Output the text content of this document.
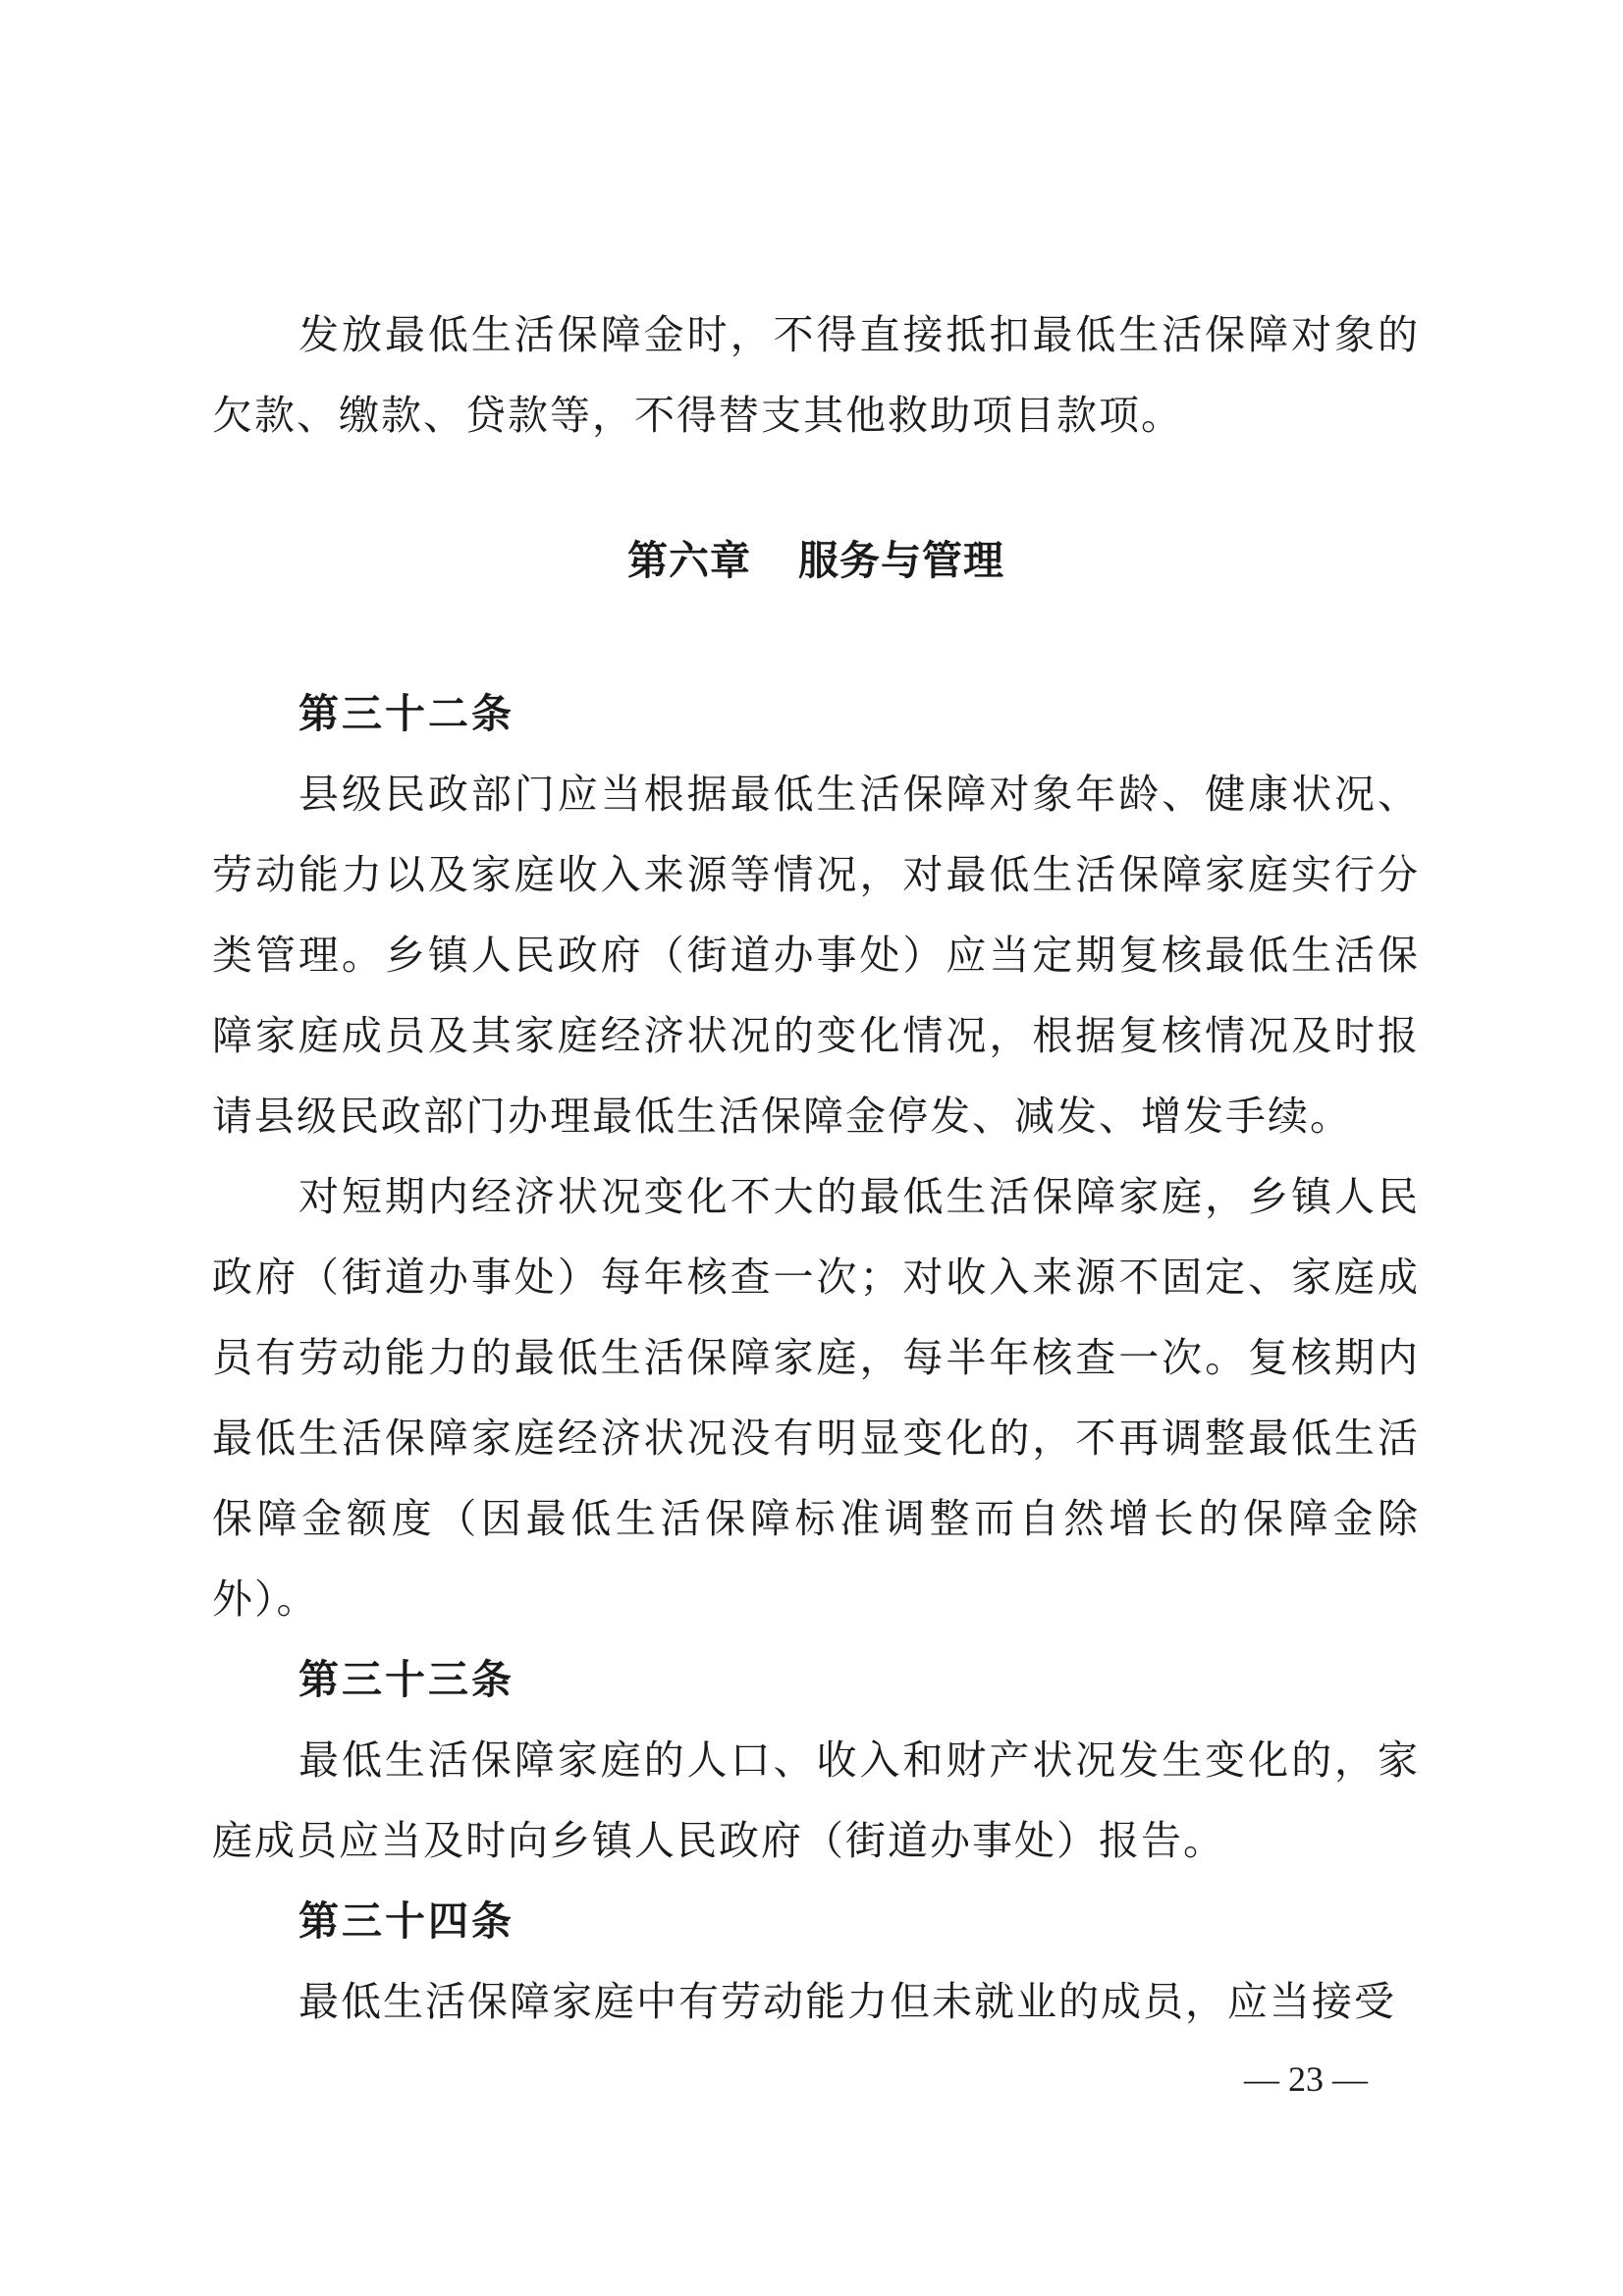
发放最低生活保障金时，不得直接抵扣最低生活保障对象的欠款、缴款、贷款等，不得替支其他救助项目款项。

第六章 服务与管理

第三十二条

县级民政部门应当根据最低生活保障对象年龄、健康状况、劳动能力以及家庭收入来源等情况，对最低生活保障家庭实行分类管理。乡镇人民政府（街道办事处）应当定期复核最低生活保障家庭成员及其家庭经济状况的变化情况，根据复核情况及时报请县级民政部门办理最低生活保障金停发、减发、增发手续。

对短期内经济状况变化不大的最低生活保障家庭，乡镇人民政府（街道办事处）每年核查一次；对收入来源不固定、家庭成员有劳动能力的最低生活保障家庭，每半年核查一次。复核期内最低生活保障家庭经济状况没有明显变化的，不再调整最低生活保障金额度（因最低生活保障标准调整而自然增长的保障金除外）。

第三十三条

最低生活保障家庭的人口、收入和财产状况发生变化的，家庭成员应当及时向乡镇人民政府（街道办事处）报告。

第三十四条

最低生活保障家庭中有劳动能力但未就业的成员，应当接受

— 23 —
